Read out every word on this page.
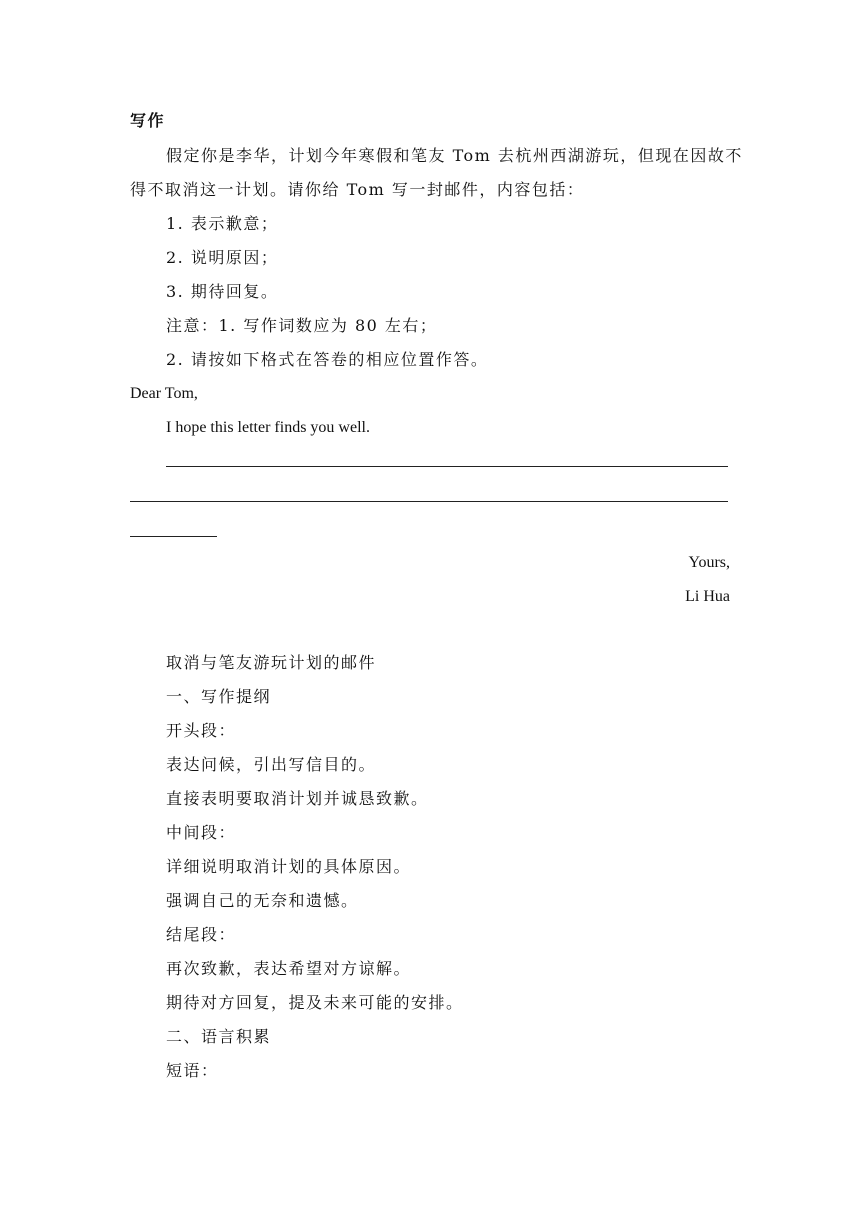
写作
假定你是李华，计划今年寒假和笔友 Tom 去杭州西湖游玩，但现在因故不
得不取消这一计划。请你给 Tom 写一封邮件，内容包括：
1. 表示歉意；
2. 说明原因；
3. 期待回复。
注意：1. 写作词数应为 80 左右；
2. 请按如下格式在答卷的相应位置作答。
Dear Tom,
I hope this letter finds you well.
Yours,
Li Hua
取消与笔友游玩计划的邮件
一、写作提纲
开头段：
表达问候，引出写信目的。
直接表明要取消计划并诚恳致歉。
中间段：
详细说明取消计划的具体原因。
强调自己的无奈和遗憾。
结尾段：
再次致歉，表达希望对方谅解。
期待对方回复，提及未来可能的安排。
二、语言积累
短语：
